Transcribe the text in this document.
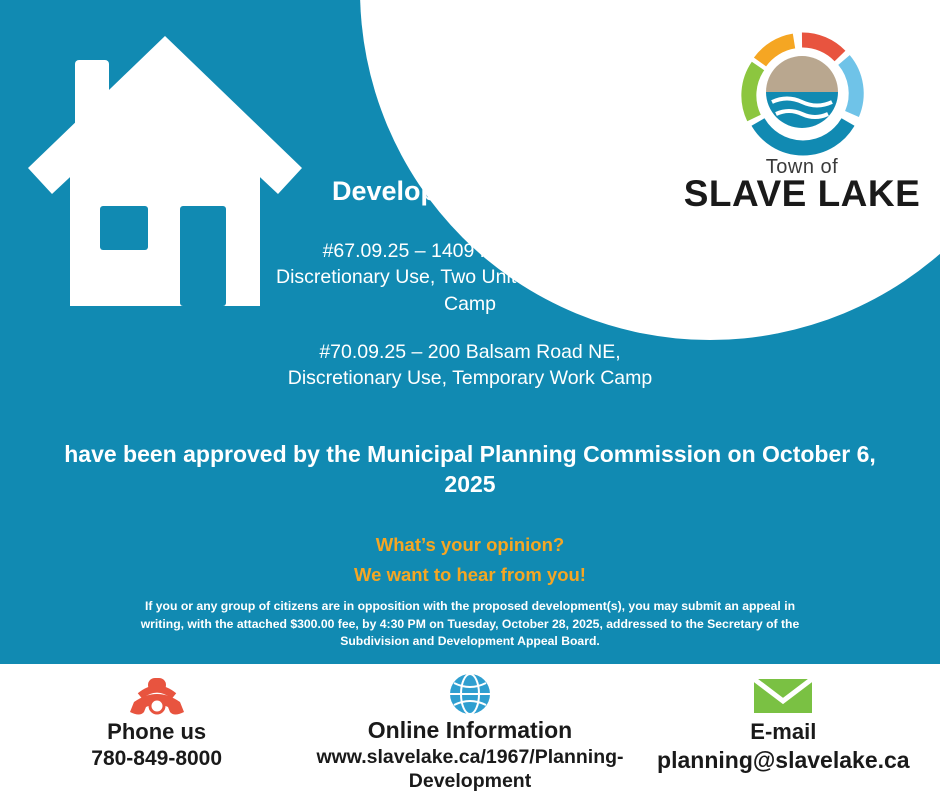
Town of
SLAVE LAKE
Development Permits
#67.09.25 – 1409 Main Street NE, Discretionary Use, Two Unit Temporary Work Camp
#70.09.25 – 200 Balsam Road NE, Discretionary Use, Temporary Work Camp
have been approved by the Municipal Planning Commission on October 6, 2025
What’s your opinion?
We want to hear from you!
If you or any group of citizens are in opposition with the proposed development(s), you may submit an appeal in writing, with the attached $300.00 fee, by 4:30 PM on Tuesday, October 28, 2025, addressed to the Secretary of the Subdivision and Development Appeal Board.
Phone us
780-849-8000
Online Information
www.slavelake.ca/1967/Planning-Development
E-mail
planning@slavelake.ca
